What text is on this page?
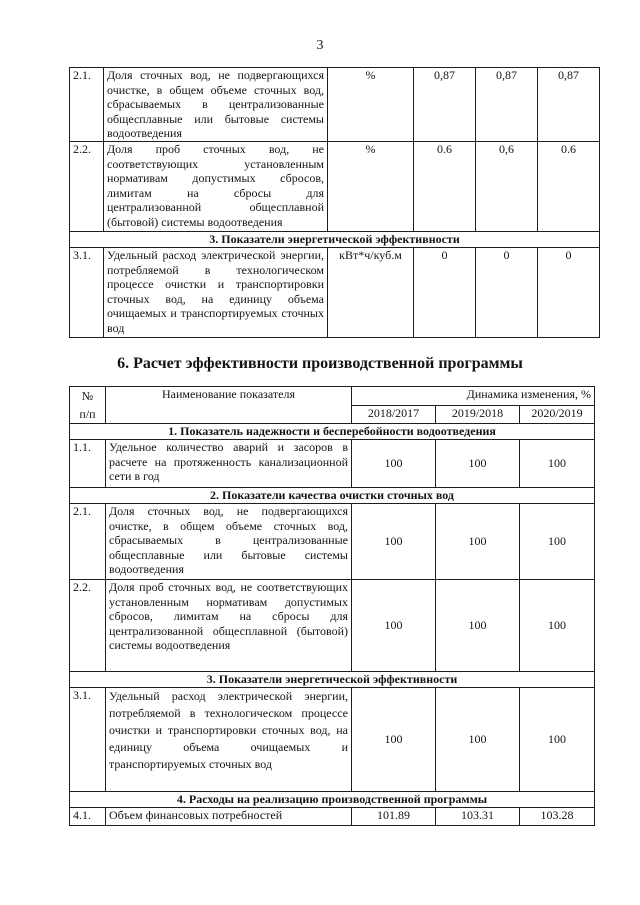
3
2.1.	Доля сточных вод, не подвергающихся очистке, в общем объеме сточных вод, сбрасываемых в централизованные общесплавные или бытовые системы водоотведения	%	0,87	0,87	0,87
2.2.	Доля проб сточных вод, не соответствующих установленным нормативам допустимых сбросов, лимитам на сбросы для централизованной общесплавной (бытовой) системы водоотведения	%	0.6	0,6	0.6
3. Показатели энергетической эффективности					
3.1.	Удельный расход электрической энергии, потребляемой в технологическом процессе очистки и транспортировки сточных вод, на единицу объема очищаемых и транспортируемых сточных вод	кВт*ч/куб.м	0	0	0
6. Расчет эффективности производственной программы
№
п/п	Наименование показателя	Динамика изменения, %		
		2018/2017	2019/2018	2020/2019
1. Показатель надежности и бесперебойности водоотведения				
1.1.	Удельное количество аварий и засоров в расчете на протяженность канализационной сети в год	100	100	100
2. Показатели качества очистки сточных вод				
2.1.	Доля сточных вод, не подвергающихся очистке, в общем объеме сточных вод, сбрасываемых в централизованные общесплавные или бытовые системы водоотведения	100	100	100
2.2.	Доля проб сточных вод, не соответствующих установленным нормативам допустимых сбросов, лимитам на сбросы для централизованной общесплавной (бытовой) системы водоотведения	100	100	100
3. Показатели энергетической эффективности				
3.1.	Удельный расход электрической энергии, потребляемой в технологическом процессе очистки и транспортировки сточных вод, на единицу объема очищаемых и транспортируемых сточных вод	100	100	100
4. Расходы на реализацию производственной программы				
4.1.	Объем финансовых потребностей	101.89	103.31	103.28
